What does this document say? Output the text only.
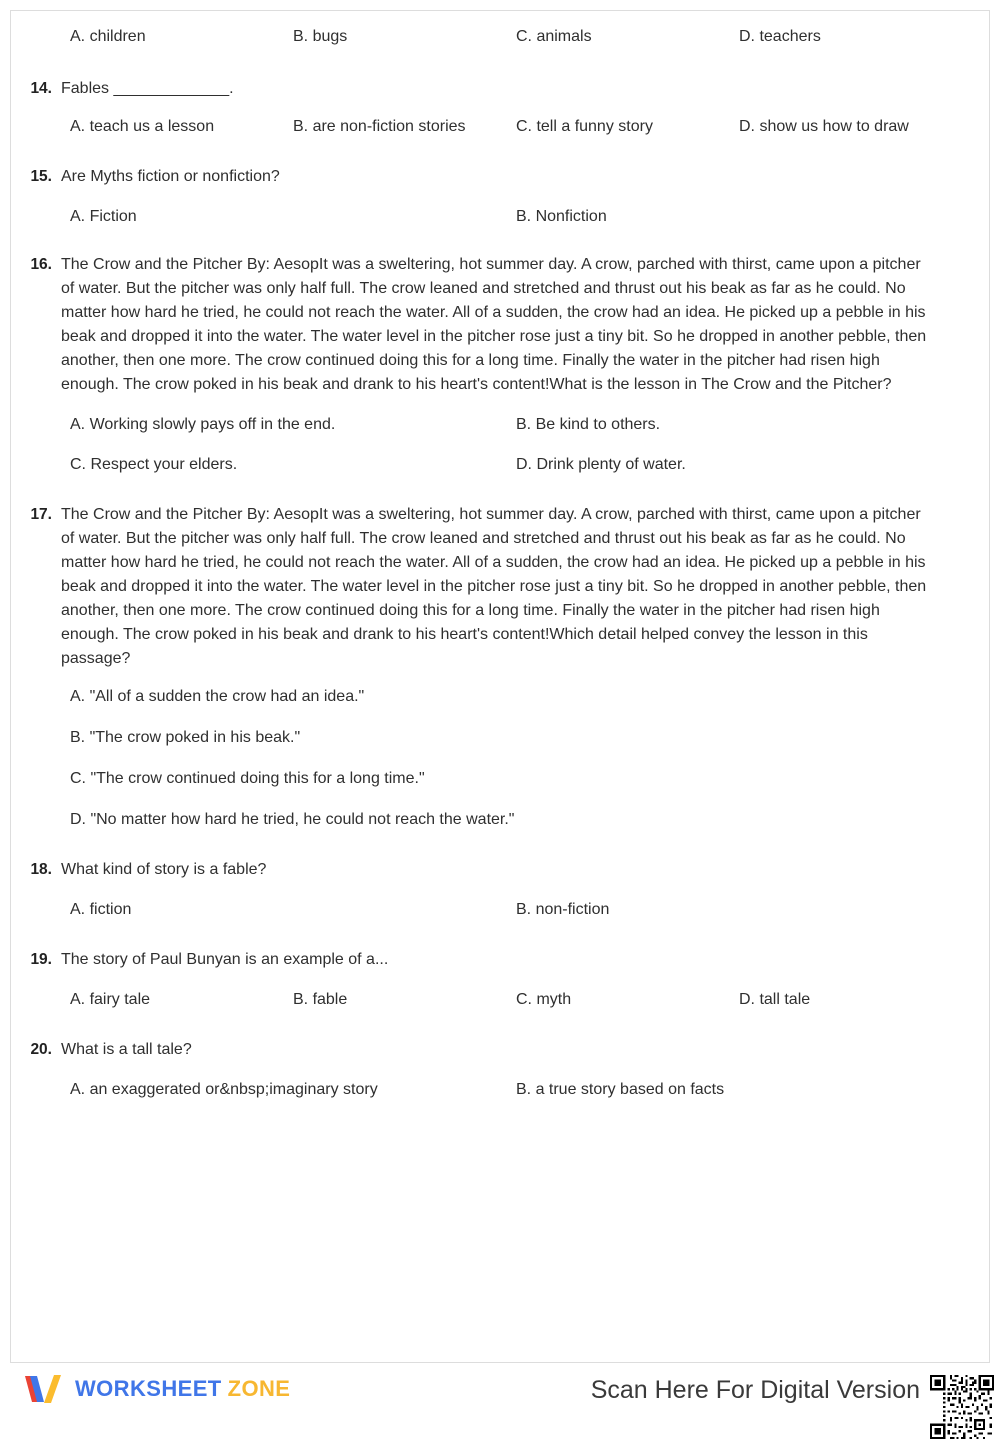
A. children	B. bugs	C. animals	D. teachers
14. Fables _____________.
A. teach us a lesson	B. are non-fiction stories	C. tell a funny story	D. show us how to draw
15. Are Myths fiction or nonfiction?
A. Fiction	B. Nonfiction
16. The Crow and the Pitcher By: AesopIt was a sweltering, hot summer day. A crow, parched with thirst, came upon a pitcher of water. But the pitcher was only half full. The crow leaned and stretched and thrust out his beak as far as he could. No matter how hard he tried, he could not reach the water. All of a sudden, the crow had an idea. He picked up a pebble in his beak and dropped it into the water. The water level in the pitcher rose just a tiny bit. So he dropped in another pebble, then another, then one more. The crow continued doing this for a long time. Finally the water in the pitcher had risen high enough. The crow poked in his beak and drank to his heart's content!What is the lesson in The Crow and the Pitcher?
A. Working slowly pays off in the end.	B. Be kind to others.
C. Respect your elders.	D. Drink plenty of water.
17. The Crow and the Pitcher By: AesopIt was a sweltering, hot summer day. A crow, parched with thirst, came upon a pitcher of water. But the pitcher was only half full. The crow leaned and stretched and thrust out his beak as far as he could. No matter how hard he tried, he could not reach the water. All of a sudden, the crow had an idea. He picked up a pebble in his beak and dropped it into the water. The water level in the pitcher rose just a tiny bit. So he dropped in another pebble, then another, then one more. The crow continued doing this for a long time. Finally the water in the pitcher had risen high enough. The crow poked in his beak and drank to his heart's content!Which detail helped convey the lesson in this passage?
A. "All of a sudden the crow had an idea."
B. "The crow poked in his beak."
C. "The crow continued doing this for a long time."
D. "No matter how hard he tried, he could not reach the water."
18. What kind of story is a fable?
A. fiction	B. non-fiction
19. The story of Paul Bunyan is an example of a...
A. fairy tale	B. fable	C. myth	D. tall tale
20. What is a tall tale?
A. an exaggerated or&nbsp;imaginary story	B. a true story based on facts
WORKSHEET ZONE	Scan Here For Digital Version
